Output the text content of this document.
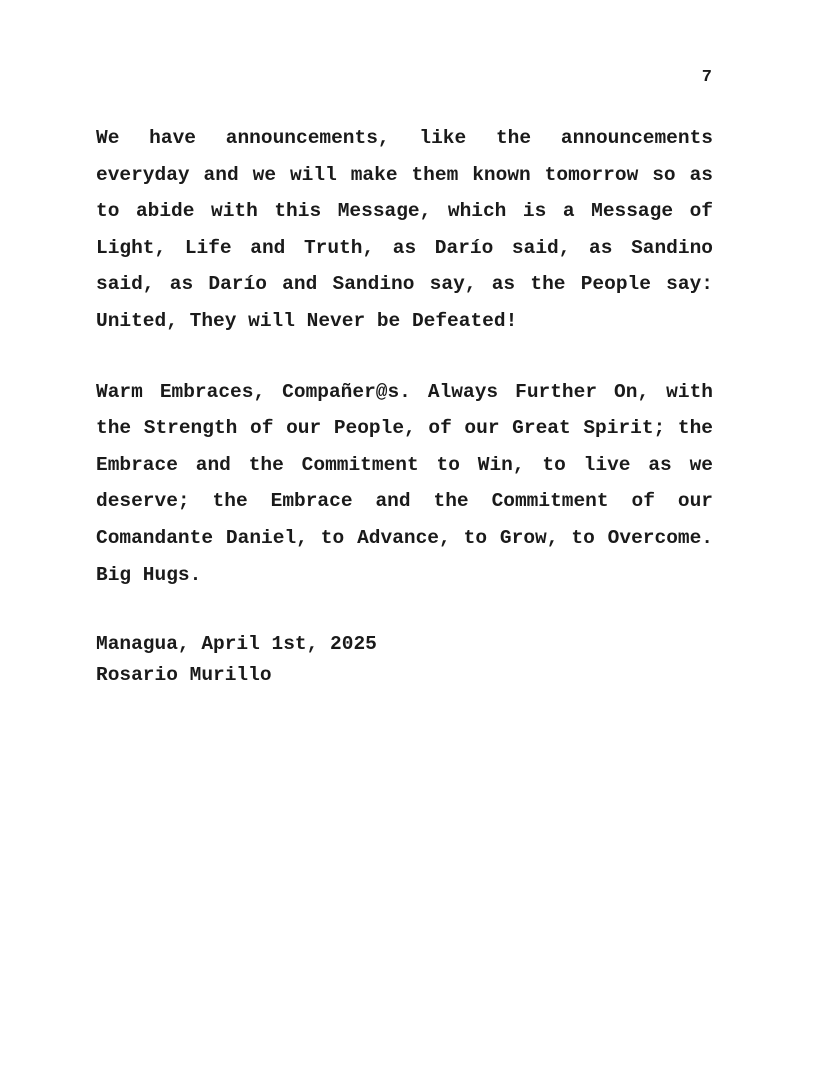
7

We have announcements, like the announcements everyday and we will make them known tomorrow so as to abide with this Message, which is a Message of Light, Life and Truth, as Darío said, as Sandino said, as Darío and Sandino say, as the People say: United, They will Never be Defeated!

Warm Embraces, Compañer@s. Always Further On, with the Strength of our People, of our Great Spirit; the Embrace and the Commitment to Win, to live as we deserve; the Embrace and the Commitment of our Comandante Daniel, to Advance, to Grow, to Overcome. Big Hugs.

Managua, April 1st, 2025
Rosario Murillo
